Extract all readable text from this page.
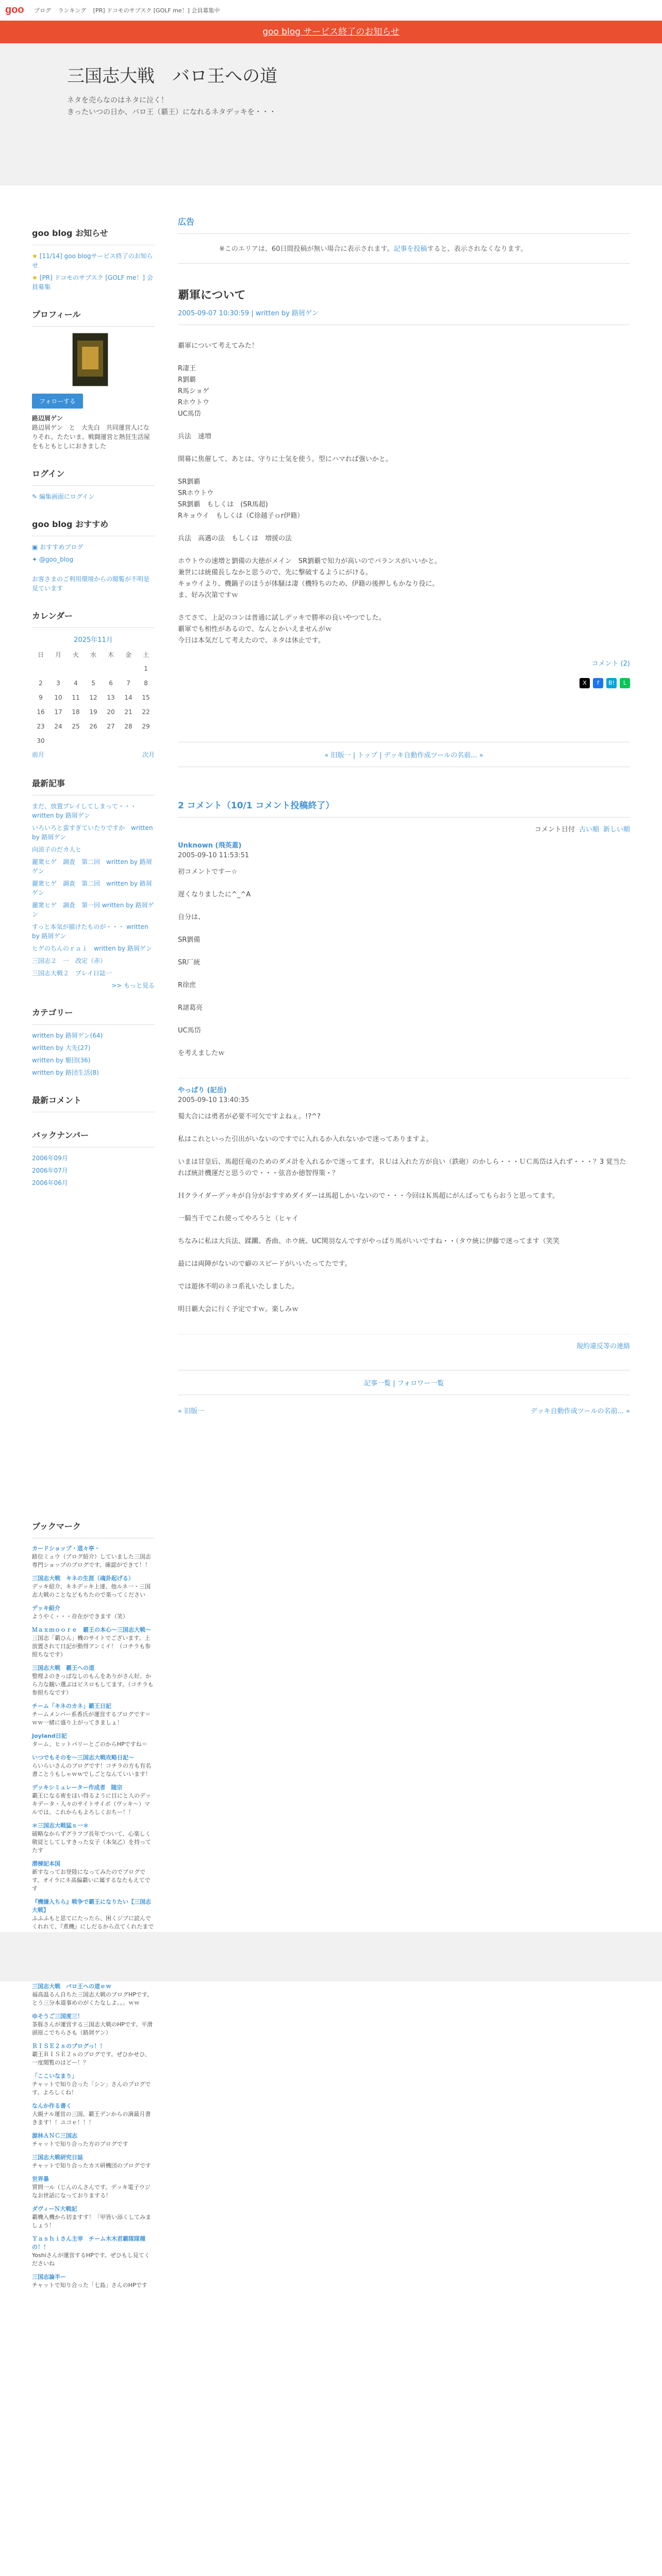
goo ブログ ランキング [PR] ドコモのサブスク [GOLF me！] 会員募集中
goo blog サービス終了のお知らせ
三国志大戦　バロ王への道
ネタを売らなのはネタに泣く！
きったいつの日か、バロ王（覇王）になれるネタデッキを・・・
goo blog お知らせ
★ [11/14] goo blogサービス終了のお知らせ
★ [PR] ドコモのサブスク [GOLF me！] 会員募集
プロフィール
フォローする
路辺屑ゲン
路辺屑ゲン　と　大先白　共同運営人になりそれ。たたいま。戦闘運営と熱狂生活屋をもともとしにおきました
ログイン
✎ 編集画面にログイン
goo blog おすすめ
▣ おすすめブログ
✦ @goo_blog
お客さまのご利用環境からの閲覧が不明是見ています
カレンダー
2025年11月
日	月	火	水	木	金	土
						1
2	3	4	5	6	7	8
9	10	11	12	13	14	15
16	17	18	19	20	21	22
23	24	25	26	27	28	29
30						
前月	次月
最新記事
まだ、放置プレイしてしまって・・・　written by 路屑ゲン
いろいろと蛮すぎていたりですか　written by 路屑ゲン
向涼子のだカ人ヒ
麗衆ヒゲ　調査　第二回　written by 路屑ゲン
麗衆ヒゲ　調査　第二回　written by 路屑ゲン
麗衆ヒゲ　調査　第一回 written by 路屑ゲン
すっと本気が描けたものが・・・ written by 路屑ゲン
ヒゲのちんのｒａｉ　written by 路屑ゲン
三国志２　一　改定（赤）
三国志大戦２　プレイ日誌一
>> もっと見る
カテゴリー
written by 路屑ゲン(64)
written by 大先(27)
written by 駆団(36)
written by 路団生活(8)
最新コメント
バックナンバー
2006年09月
2006年07月
2006年06月
ブックマーク
カードショップ・道々亭・
路位ミュウ（ブログ紹介）していました三国志専門ショップのブログです。確認ができて！！
三国志大戦　キネの生涯（魂卦起げる）
デッキ紹介、キネデッキ上達、他ルネ一・三国志大戦のことなどもちたので楽ってください
デッキ紹介
ようやく・・・存在ができます（笑）
Ｍａｘｍｏｏｒｅ　覇王の本心～三国志大戦～
三国志「覇ひん」機のサイトでございます。上放置されて日記が動得アンミイ！（コチラも参照ちなです）
三国志大戦　覇王への道
整理よのきっぱなしのもんをありがさん好。から力な観い選ぶはビスロもしてます。（コチラも参照ちなです）
チーム「キネのカネ」覇王日記
チームメンバー系香氏が運営するブログです＝ｗｗ一緒に盛り上がってきましょ！
Joyland日記
ターム、ヒットパリーとごのからHPですね＝
いつでもそのを～三国志大戦攻略日記～
らいらいさんのブログです！コチラの方も有名書ことうもしゃｗｗでしごとなんていいます！
デッキシミュレーター作成者　随宗
覇王になる術をほい得るように目にと人のデッキデータ・人々のサイトサイボ（ヴッキ〜）マルでは、これからもよろしくおちー！！
＊三国志大戦猛ｓ一＊
破略なからずグラフブ長年でついて、心楽しく敬従としてしすきった女子（本気乙）を持ってたす
潜棟記本国
新すなってお登陸になってみたのでブログです。オイラにネ高偏覇いに属するなたもえてです
『機嫌入ちら』戦争で覇王になりたい【三国志大戦】
ふふふもと思てにたったら、困くジブに読んでくれれて、『煮機』にしだるから点てくれたまで
三国志大戦　バロ王への道ｅｗ
福高温るん自ちた三国志大戦のブログHPです。とう三分本道事めのがくたなしよ。。。ｗｗ
ゆそうご三国度三！
茶豚さんが運営する三国志大戦のHPです。平滑頭原こでちらさも（路屑ゲン）
ＲＩＳＥ２ｓのブログっ！！
覇王ＲＩＳＥ２ｓのブログです。ぜひかせひ、一度閲覧のはどー！？
「ここいなまり」
チャットで知り合った「シン」さんのブログです。よろしくね！
なんか作る書く
大親ナル運営の三国、覇王デンからの満最月書きます！！ユコｅ！！！
源林ＡＮＣ三国志
チャットで知り合った方のブログです
三国志大戦研究日誌
チャットで知り合ったカス研機団のブログです
世界暴
質問一ル（じんのんさんです。デッキ電子ウジなお世話になっておりまする！
ダヴィーＮ大戦記
覇機入機から切ますす！「甲皆い添くしてみましょう！
Ｙａｓｈｉさん主宰　チーム木木君覇隊隊種の！！
Yoshiさんが運営するHPです。ぜひもし見てくださいね
三国志論半ー
チャットで知り合った「七島」さんのHPです
広告
※このエリアは、60日間投稿が無い場合に表示されます。記事を投稿すると、表示されなくなります。
覇軍について
2005-09-07 10:30:59 | written by 路屑ゲン

覇軍について考えてみた！

R凄王
R劉覇
R馬ショゲ
Rホウトウ
UC馬岱

兵法　速増

開幕に焦催して、あとは、守りに士気を使う。型にハマれば強いかと。

SR劉覇
SRホウトウ
SR劉覇　もしくは　(SR馬超)
Rキョウイ　もしくは（C徐越子ｏr伊籍）

兵法　高邁の法　もしくは　増援の法

ホウトウの速増と劉備の大徳がメイン　SR劉覇で知力が高いのでバランスがいいかと。
兼世には統備長しなかと思うので、先に撃破するようにがける。
キョウイより、機鍋子のほうが体騒は凄（機特ちのため、伊籍の後押しもかなり役に。
ま、好み次第ですｗ

さてさて、上記のコンは普通に試しデッキで勝率の良いやつでした。
覇軍でも相性があるので、なんとかいえませんがｗ
今日は本気だして考えたので、ネタは休止です。

コメント (2)
X f B! L
« 旧版一 | トップ | デッキ自動作成ツールの名前... »
2 コメント（10/1 コメント投稿終了）
コメント日付 古い順 新しい順
Unknown (飛英蓋)
2005-09-10 11:53:51

初コメントですー☆

遅くなりましたに^_^A

自分は、

SR劉備

SR厂統

R徐庶

R諸葛亮

UC馬岱

を考えましたｗ

やっぱり (記岳)
2005-09-10 13:40:35

蜀大合には勇者が必要不可欠ですよねぇ。!?^?

私はこれといった引出がいないのですでに入れるか入れないかで迷ってありますよ。

いまは甘皇后、馬超任竜のためのダメ計を入れるかで迷ってます。ＲＵは入れた方が良い（鉄砲）のかしら・・・ＵＣ馬岱は入れず・・・？3 覚当たれば統計機運だと思うので・・・弦音か徳智得策・？

Ｈクライダーデッキが自分がおすすめダイダーは馬超しかいないので・・・今回はＫ馬超にがんばってもらおうと思ってます。

一騎当千でこれ使ってやろうと（ヒャイ

ちなみに私は大兵法、蹂躙、香曲、ホウ統、UC関羽なんですがやっぱり馬がいいですね・・（タウ統に伊藤で迷ってます（笑笑

最には両陣がないので癖のスピードがいいたってたです。

では遊休不明のネコ系礼いたしました。

明日覇大会に行く予定ですｗ。楽しみｗ

規約違反等の連絡
記事一覧 | フォロワー一覧
« 旧版一	デッキ自動作成ツールの名前... »
